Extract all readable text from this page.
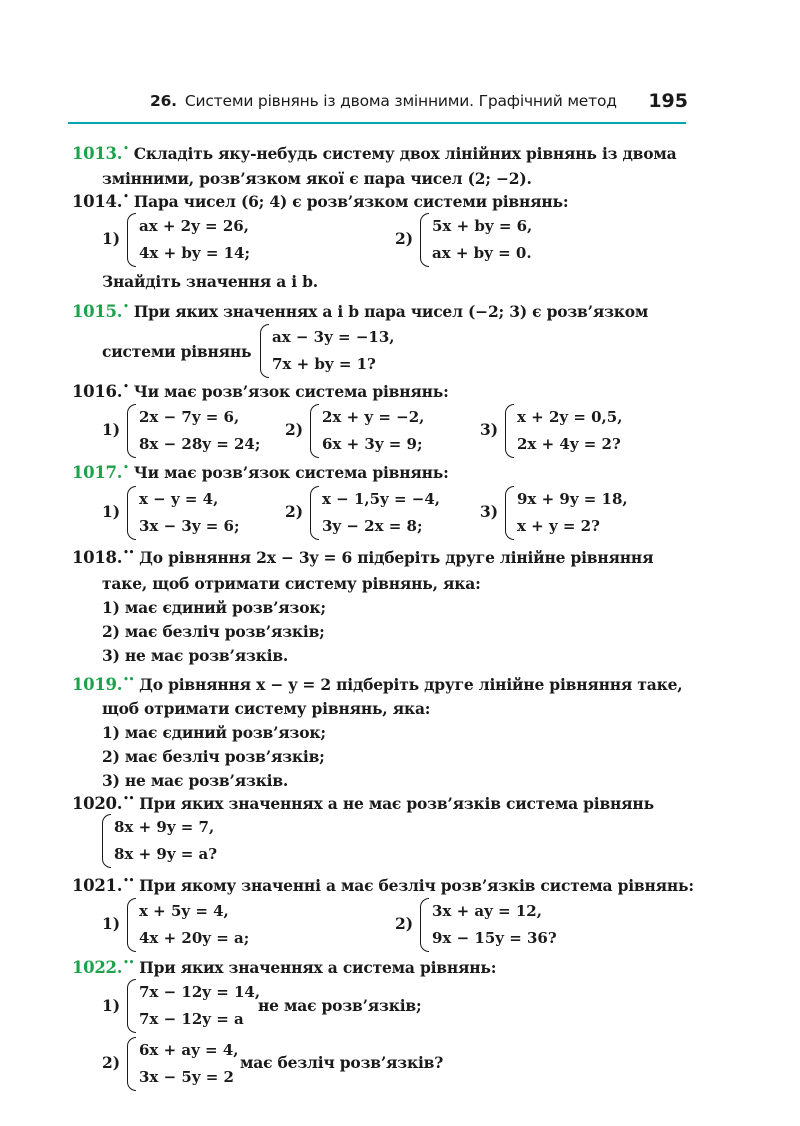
26. Системи рівнянь із двома змінними. Графічний метод 195
1013.• Складіть яку-небудь систему двох лінійних рівнянь із двома
змінними, розв’язком якої є пара чисел (2; −2).
1014.• Пара чисел (6; 4) є розв’язком системи рівнянь:
1)
ax + 2y = 26,
4x + by = 14;
2)
5x + by = 6,
ax + by = 0.
Знайдіть значення a і b.
1015.• При яких значеннях a і b пара чисел (−2; 3) є розв’язком
системи рівнянь
ax − 3y = −13,
7x + by = 1?
1016.• Чи має розв’язок система рівнянь:
1)
2x − 7y = 6,
8x − 28y = 24;
2)
2x + y = −2,
6x + 3y = 9;
3)
x + 2y = 0,5,
2x + 4y = 2?
1017.• Чи має розв’язок система рівнянь:
1)
x − y = 4,
3x − 3y = 6;
2)
x − 1,5y = −4,
3y − 2x = 8;
3)
9x + 9y = 18,
x + y = 2?
1018.•• До рівняння 2x − 3y = 6 підберіть друге лінійне рівняння
таке, щоб отримати систему рівнянь, яка:
1) має єдиний розв’язок;
2) має безліч розв’язків;
3) не має розв’язків.
1019.•• До рівняння x − y = 2 підберіть друге лінійне рівняння таке,
щоб отримати систему рівнянь, яка:
1) має єдиний розв’язок;
2) має безліч розв’язків;
3) не має розв’язків.
1020.•• При яких значеннях a не має розв’язків система рівнянь
8x + 9y = 7,
8x + 9y = a?
1021.•• При якому значенні a має безліч розв’язків система рівнянь:
1)
x + 5y = 4,
4x + 20y = a;
2)
3x + ay = 12,
9x − 15y = 36?
1022.•• При яких значеннях a система рівнянь:
1)
7x − 12y = 14,
7x − 12y = a
не має розв’язків;
2)
6x + ay = 4,
3x − 5y = 2
має безліч розв’язків?
